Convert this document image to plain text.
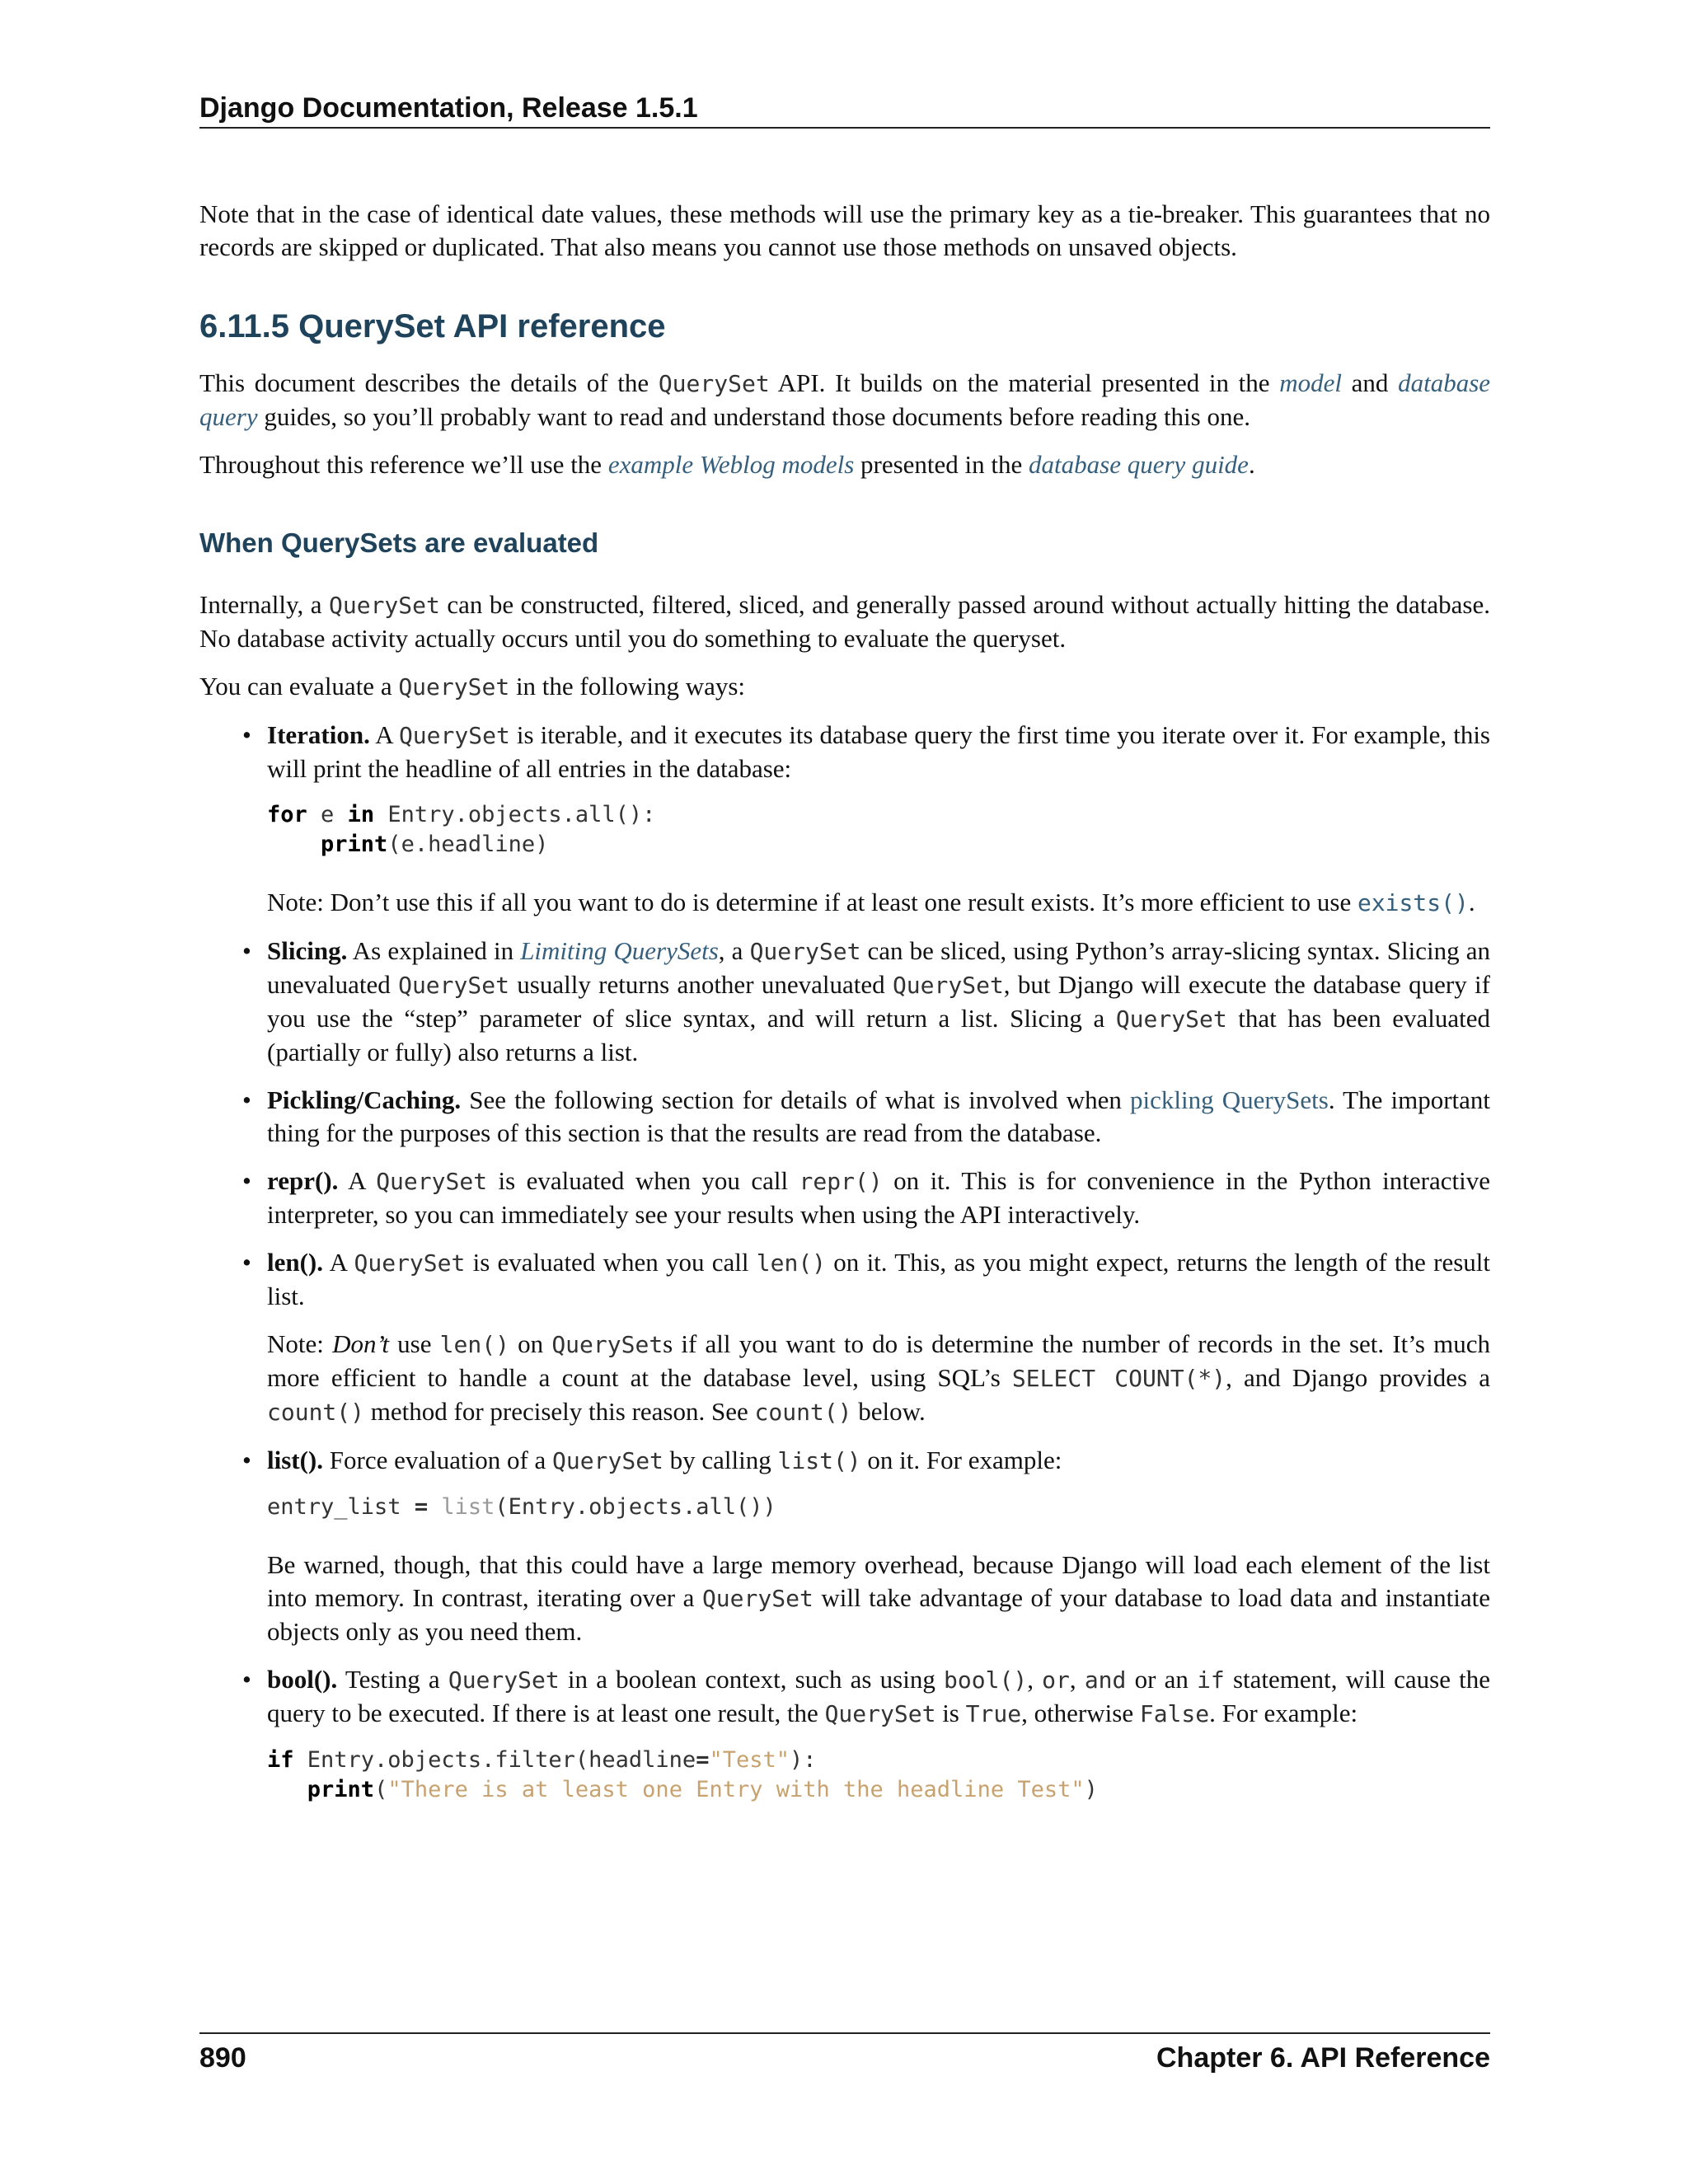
Django Documentation, Release 1.5.1

Note that in the case of identical date values, these methods will use the primary key as a tie-breaker. This guarantees that no records are skipped or duplicated. That also means you cannot use those methods on unsaved objects.

6.11.5 QuerySet API reference

This document describes the details of the QuerySet API. It builds on the material presented in the model and database query guides, so you’ll probably want to read and understand those documents before reading this one.

Throughout this reference we’ll use the example Weblog models presented in the database query guide.

When QuerySets are evaluated

Internally, a QuerySet can be constructed, filtered, sliced, and generally passed around without actually hitting the database. No database activity actually occurs until you do something to evaluate the queryset.

You can evaluate a QuerySet in the following ways:

• Iteration. A QuerySet is iterable, and it executes its database query the first time you iterate over it. For example, this will print the headline of all entries in the database:

for e in Entry.objects.all():
print(e.headline)

Note: Don’t use this if all you want to do is determine if at least one result exists. It’s more efficient to use exists().

• Slicing. As explained in Limiting QuerySets, a QuerySet can be sliced, using Python’s array-slicing syntax. Slicing an unevaluated QuerySet usually returns another unevaluated QuerySet, but Django will execute the database query if you use the “step” parameter of slice syntax, and will return a list. Slicing a QuerySet that has been evaluated (partially or fully) also returns a list.

• Pickling/Caching. See the following section for details of what is involved when pickling QuerySets. The important thing for the purposes of this section is that the results are read from the database.

• repr(). A QuerySet is evaluated when you call repr() on it. This is for convenience in the Python interactive interpreter, so you can immediately see your results when using the API interactively.

• len(). A QuerySet is evaluated when you call len() on it. This, as you might expect, returns the length of the result list.

Note: Don’t use len() on QuerySets if all you want to do is determine the number of records in the set. It’s much more efficient to handle a count at the database level, using SQL’s SELECT COUNT(*), and Django provides a count() method for precisely this reason. See count() below.

• list(). Force evaluation of a QuerySet by calling list() on it. For example:

entry_list = list(Entry.objects.all())

Be warned, though, that this could have a large memory overhead, because Django will load each element of the list into memory. In contrast, iterating over a QuerySet will take advantage of your database to load data and instantiate objects only as you need them.

• bool(). Testing a QuerySet in a boolean context, such as using bool(), or, and or an if statement, will cause the query to be executed. If there is at least one result, the QuerySet is True, otherwise False. For example:

if Entry.objects.filter(headline="Test"):
print("There is at least one Entry with the headline Test")
890	Chapter 6. API Reference
